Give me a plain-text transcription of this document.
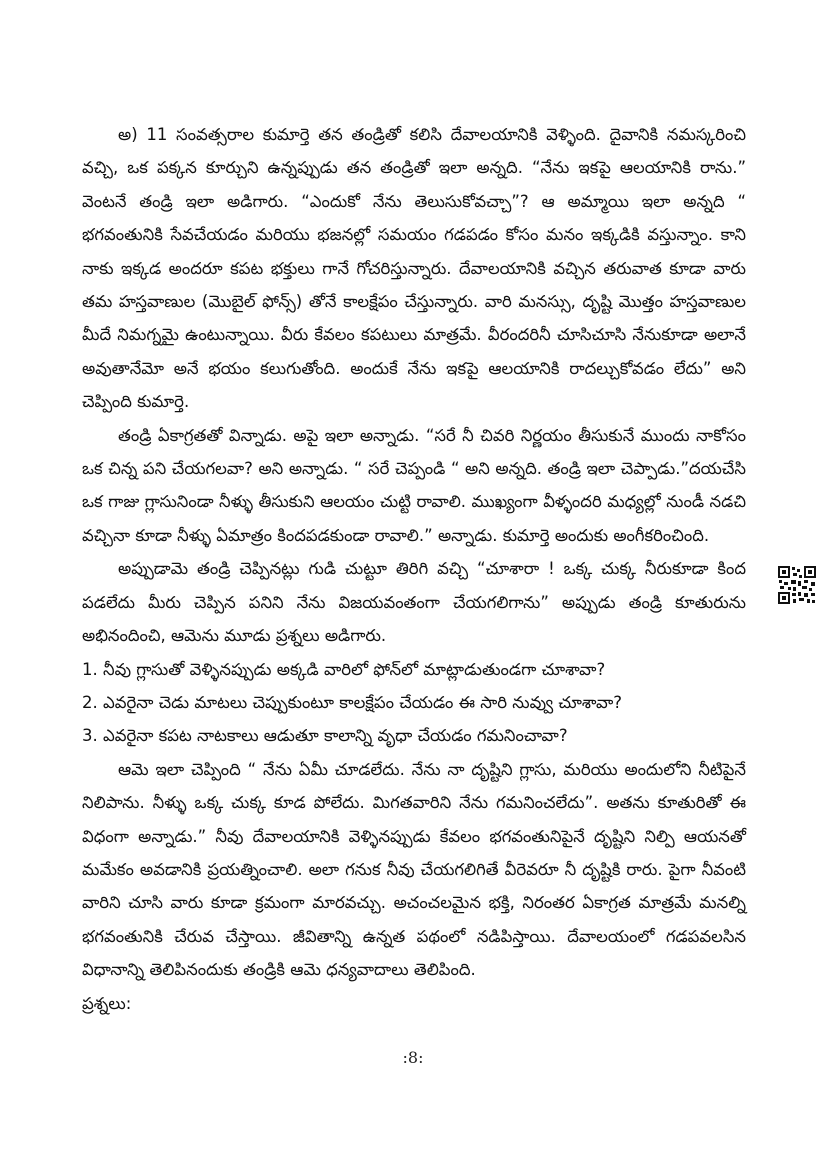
అ) 11 సంవత్సరాల కుమార్తె తన తండ్రితో కలిసి దేవాలయానికి వెళ్ళింది. దైవానికి నమస్కరించి వచ్చి, ఒక పక్కన కూర్చుని ఉన్నప్పుడు తన తండ్రితో ఇలా అన్నది. “నేను ఇకపై ఆలయానికి రాను.” వెంటనే తండ్రి ఇలా అడిగారు. “ఎందుకో నేను తెలుసుకోవచ్చా”? ఆ అమ్మాయి ఇలా అన్నది “ భగవంతునికి సేవచేయడం మరియు భజనల్లో సమయం గడపడం కోసం మనం ఇక్కడికి వస్తున్నాం. కాని నాకు ఇక్కడ అందరూ కపట భక్తులు గానే గోచరిస్తున్నారు. దేవాలయానికి వచ్చిన తరువాత కూడా వారు తమ హస్తవాణుల (మొబైల్ ఫోన్స్) తోనే కాలక్షేపం చేస్తున్నారు. వారి మనస్సు, దృష్టి మొత్తం హస్తవాణుల మీదే నిమగ్నమై ఉంటున్నాయి. వీరు కేవలం కపటులు మాత్రమే. వీరందరినీ చూసిచూసి నేనుకూడా అలానే అవుతానేమో అనే భయం కలుగుతోంది. అందుకే నేను ఇకపై ఆలయానికి రాదల్చుకోవడం లేదు” అని చెప్పింది కుమార్తె.

తండ్రి ఏకాగ్రతతో విన్నాడు. అపై ఇలా అన్నాడు. “సరే నీ చివరి నిర్ణయం తీసుకునే ముందు నాకోసం ఒక చిన్న పని చేయగలవా? అని అన్నాడు. “ సరే చెప్పండి “ అని అన్నది. తండ్రి ఇలా చెప్పాడు.”దయచేసి ఒక గాజు గ్లాసునిండా నీళ్ళు తీసుకుని ఆలయం చుట్టి రావాలి. ముఖ్యంగా వీళ్ళందరి మధ్యల్లో నుండీ నడచి వచ్చినా కూడా నీళ్ళు ఏమాత్రం కిందపడకుండా రావాలి.” అన్నాడు. కుమార్తె అందుకు అంగీకరించింది.

అప్పుడామె తండ్రి చెప్పినట్లు గుడి చుట్టూ తిరిగి వచ్చి “చూశారా ! ఒక్క చుక్క నీరుకూడా కింద పడలేదు మీరు చెప్పిన పనిని నేను విజయవంతంగా చేయగలిగాను” అప్పుడు తండ్రి కూతురును అభినందించి, ఆమెను మూడు ప్రశ్నలు అడిగారు.

1. నీవు గ్లాసుతో వెళ్ళినప్పుడు అక్కడి వారిలో ఫోన్‌లో మాట్లాడుతుండగా చూశావా?

2. ఎవరైనా చెడు మాటలు చెప్పుకుంటూ కాలక్షేపం చేయడం ఈ సారి నువ్వు చూశావా?

3. ఎవరైనా కపట నాటకాలు ఆడుతూ కాలాన్ని వృధా చేయడం గమనించావా?

ఆమె ఇలా చెప్పింది “ నేను ఏమీ చూడలేదు. నేను నా దృష్టిని గ్లాసు, మరియు అందులోని నీటిపైనే నిలిపాను. నీళ్ళు ఒక్క చుక్క కూడ పోలేదు. మిగతవారిని నేను గమనించలేదు”. అతను కూతురితో ఈ విధంగా అన్నాడు.” నీవు దేవాలయానికి వెళ్ళినప్పుడు కేవలం భగవంతునిపైనే దృష్టిని నిల్పి ఆయనతో మమేకం అవడానికి ప్రయత్నించాలి. అలా గనుక నీవు చేయగలిగితే వీరెవరూ నీ దృష్టికి రారు. పైగా నీవంటి వారిని చూసి వారు కూడా క్రమంగా మారవచ్చు. అచంచలమైన భక్తి, నిరంతర ఏకాగ్రత మాత్రమే మనల్ని భగవంతునికి చేరువ చేస్తాయి. జీవితాన్ని ఉన్నత పథంలో నడిపిస్తాయి. దేవాలయంలో గడపవలసిన విధానాన్ని తెలిపినందుకు తండ్రికి ఆమె ధన్యవాదాలు తెలిపింది.

ప్రశ్నలు:

:8:
